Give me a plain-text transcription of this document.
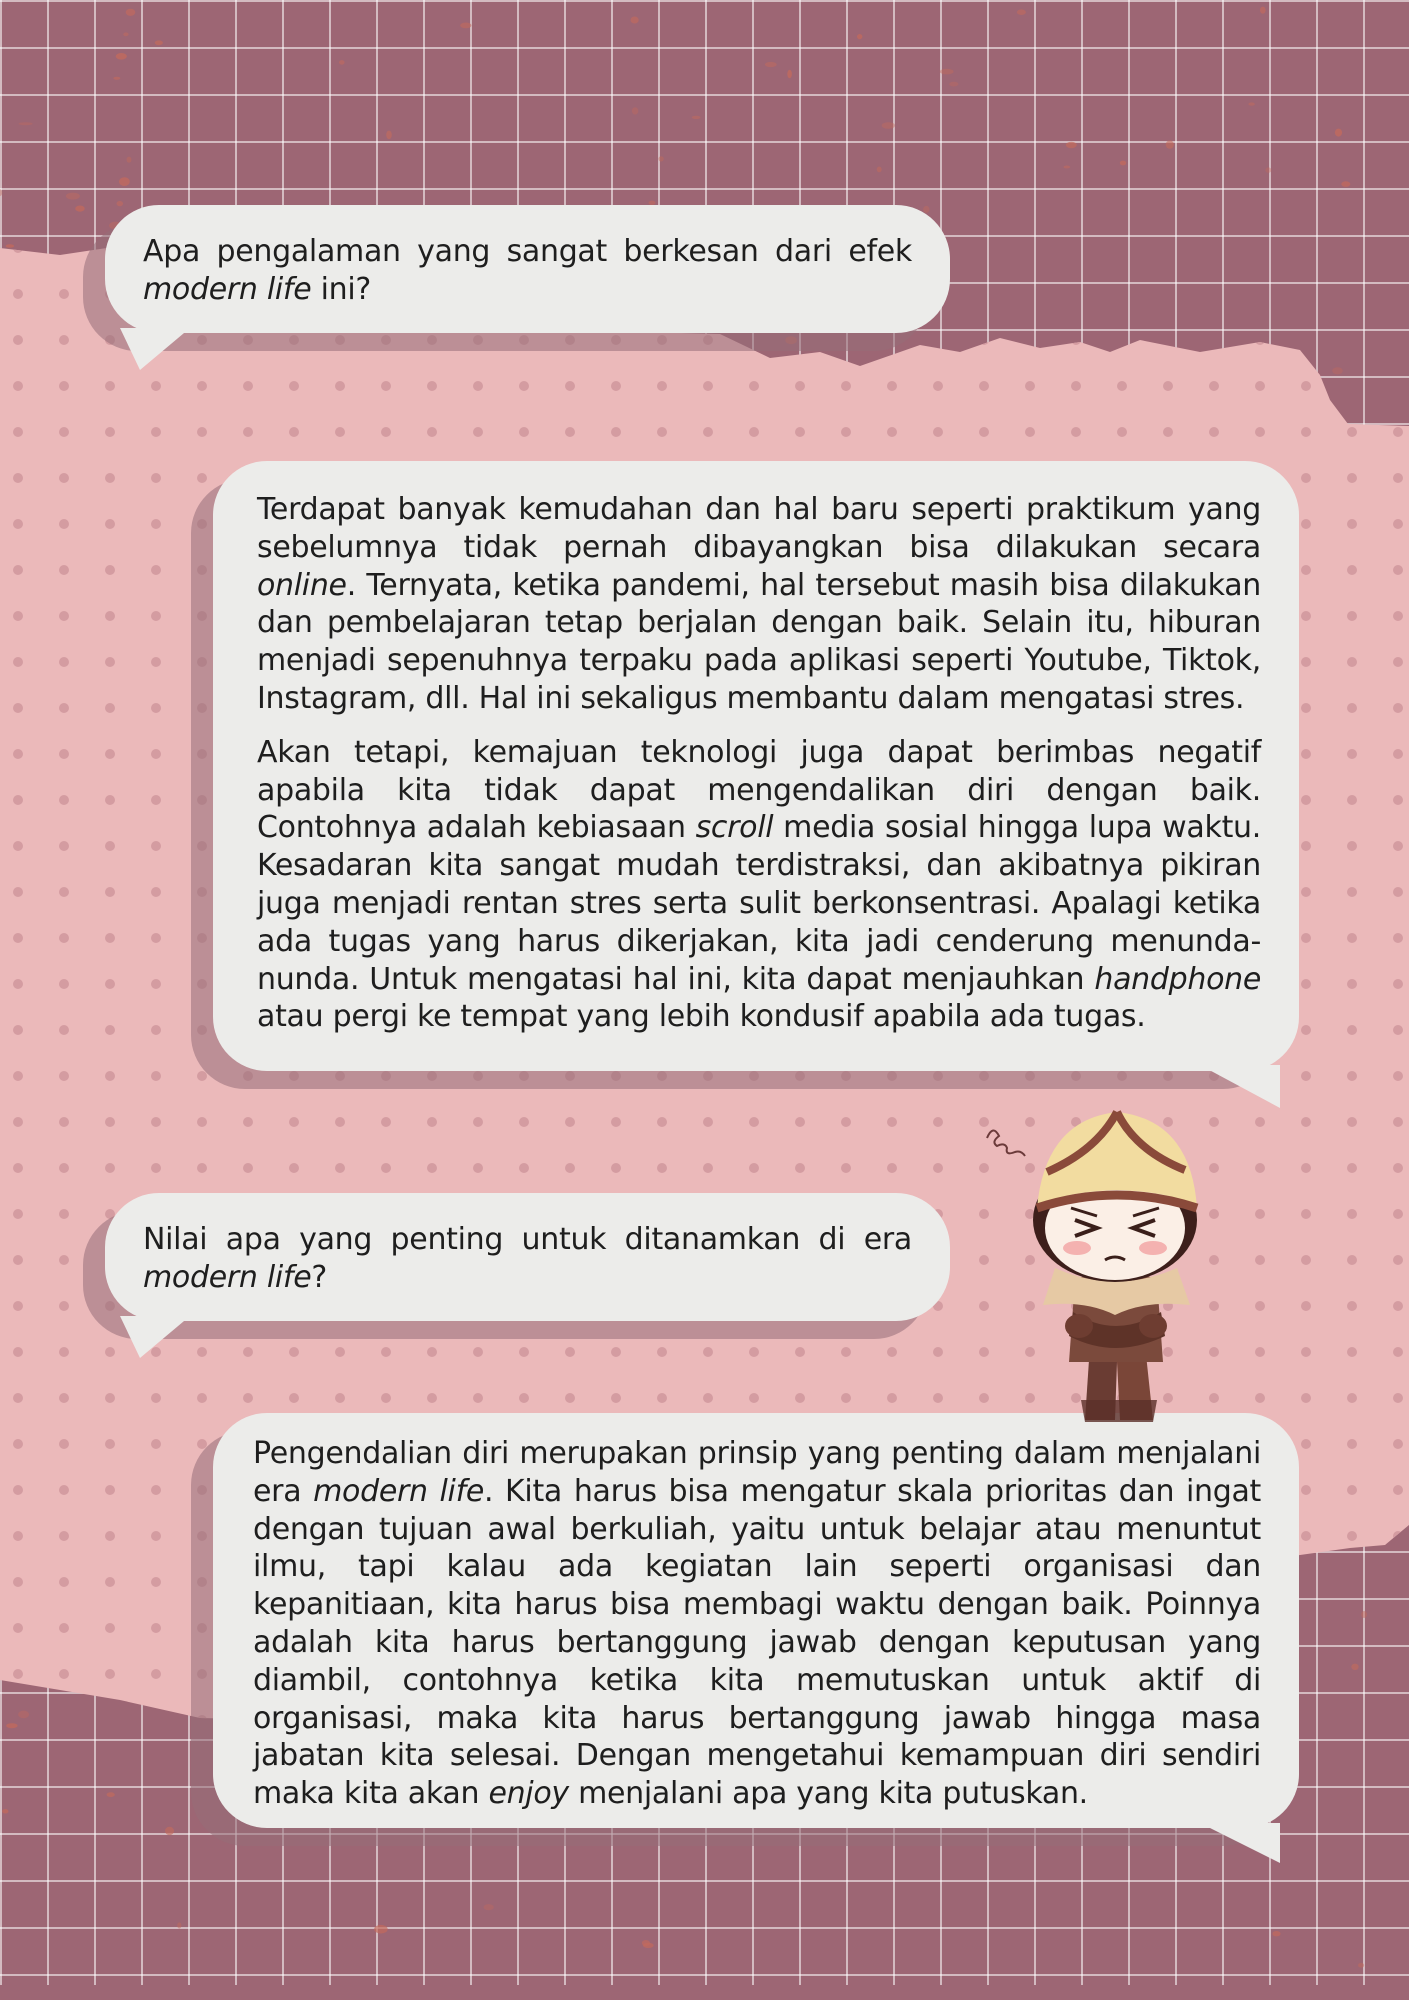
Apa pengalaman yang sangat berkesan dari efek modern life ini?

Terdapat banyak kemudahan dan hal baru seperti praktikum yang sebelumnya tidak pernah dibayangkan bisa dilakukan secara online. Ternyata, ketika pandemi, hal tersebut masih bisa dilakukan dan pembelajaran tetap berjalan dengan baik. Selain itu, hiburan menjadi sepenuhnya terpaku pada aplikasi seperti Youtube, Tiktok, Instagram, dll. Hal ini sekaligus membantu dalam mengatasi stres.

Akan tetapi, kemajuan teknologi juga dapat berimbas negatif apabila kita tidak dapat mengendalikan diri dengan baik. Contohnya adalah kebiasaan scroll media sosial hingga lupa waktu. Kesadaran kita sangat mudah terdistraksi, dan akibatnya pikiran juga menjadi rentan stres serta sulit berkonsentrasi. Apalagi ketika ada tugas yang harus dikerjakan, kita jadi cenderung menunda-nunda. Untuk mengatasi hal ini, kita dapat menjauhkan handphone atau pergi ke tempat yang lebih kondusif apabila ada tugas.

Nilai apa yang penting untuk ditanamkan di era modern life?

Pengendalian diri merupakan prinsip yang penting dalam menjalani era modern life. Kita harus bisa mengatur skala prioritas dan ingat dengan tujuan awal berkuliah, yaitu untuk belajar atau menuntut ilmu, tapi kalau ada kegiatan lain seperti organisasi dan kepanitiaan, kita harus bisa membagi waktu dengan baik. Poinnya adalah kita harus bertanggung jawab dengan keputusan yang diambil, contohnya ketika kita memutuskan untuk aktif di organisasi, maka kita harus bertanggung jawab hingga masa jabatan kita selesai. Dengan mengetahui kemampuan diri sendiri maka kita akan enjoy menjalani apa yang kita putuskan.
